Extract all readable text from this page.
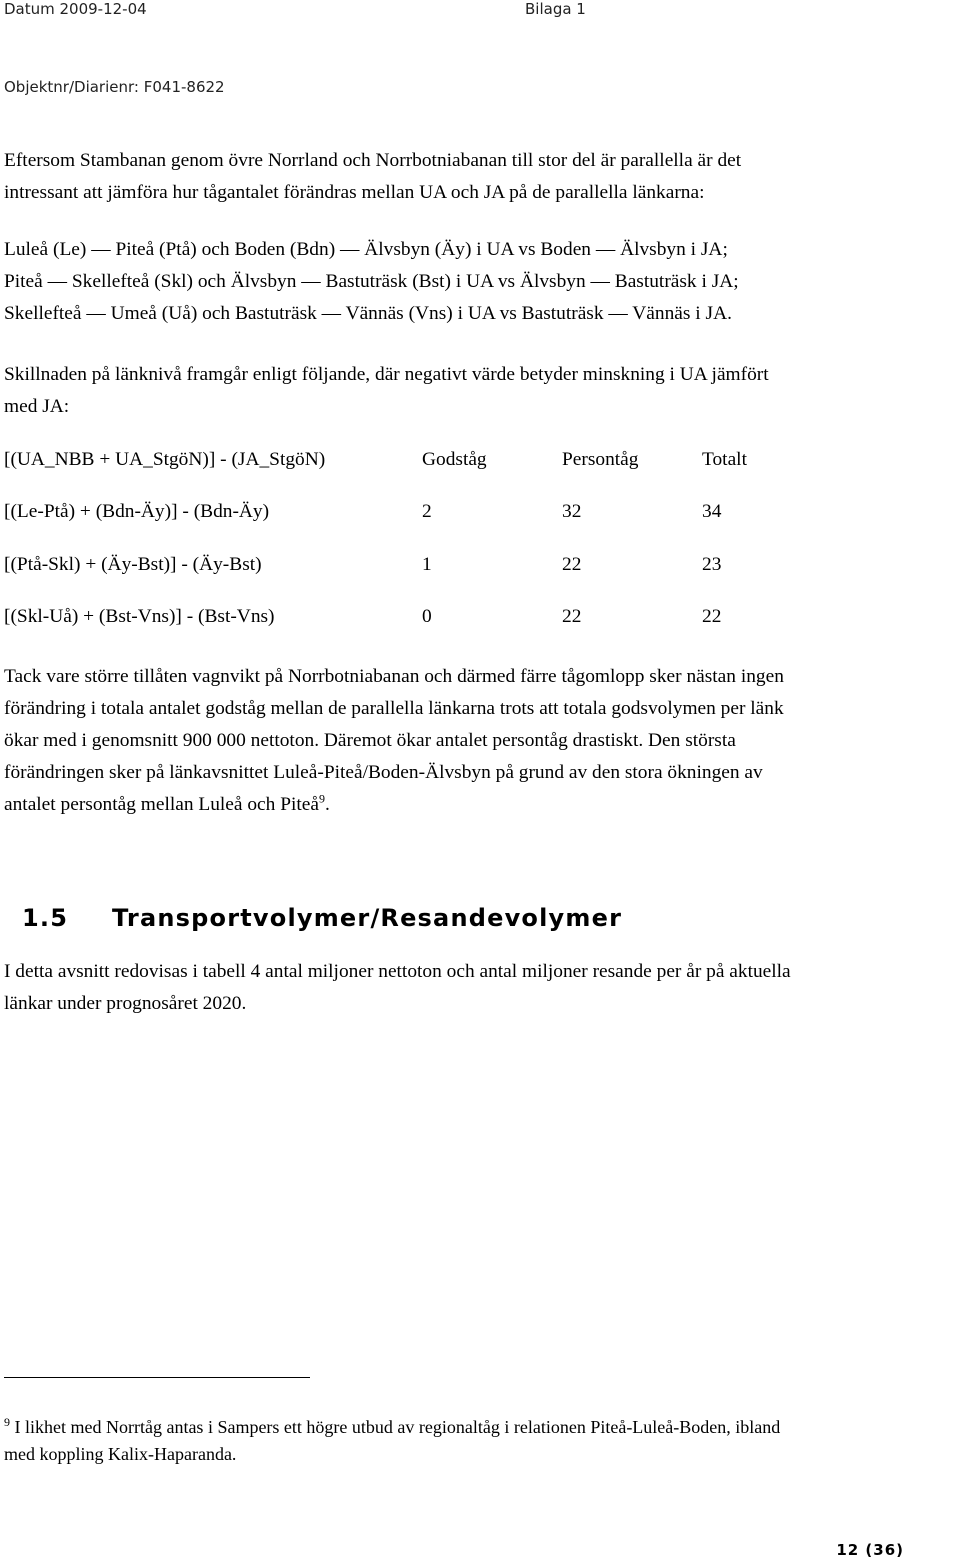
Datum 2009-12-04	Bilaga 1
Objektnr/Diarienr: F041-8622
Eftersom Stambanan genom övre Norrland och Norrbotniabanan till stor del är parallella är det
intressant att jämföra hur tågantalet förändras mellan UA och JA på de parallella länkarna:
Luleå (Le) — Piteå (Ptå) och Boden (Bdn) — Älvsbyn (Äy) i UA vs Boden — Älvsbyn i JA;
Piteå — Skellefteå (Skl) och Älvsbyn — Bastuträsk (Bst) i UA vs Älvsbyn — Bastuträsk i JA;
Skellefteå — Umeå (Uå) och Bastuträsk — Vännäs (Vns) i UA vs Bastuträsk — Vännäs i JA.
Skillnaden på länknivå framgår enligt följande, där negativt värde betyder minskning i UA jämfört
med JA:
[(UA_NBB + UA_StgöN)] - (JA_StgöN)	Godståg	Persontåg	Totalt
[(Le-Ptå) + (Bdn-Äy)] - (Bdn-Äy)	2	32	34
[(Ptå-Skl) + (Äy-Bst)] - (Äy-Bst)	1	22	23
[(Skl-Uå) + (Bst-Vns)] - (Bst-Vns)	0	22	22
Tack vare större tillåten vagnvikt på Norrbotniabanan och därmed färre tågomlopp sker nästan ingen
förändring i totala antalet godståg mellan de parallella länkarna trots att totala godsvolymen per länk
ökar med i genomsnitt 900 000 nettoton. Däremot ökar antalet persontåg drastiskt. Den största
förändringen sker på länkavsnittet Luleå-Piteå/Boden-Älvsbyn på grund av den stora ökningen av
antalet persontåg mellan Luleå och Piteå$^9$.
1.5 Transportvolymer/Resandevolymer
I detta avsnitt redovisas i tabell 4 antal miljoner nettoton och antal miljoner resande per år på aktuella
länkar under prognosåret 2020.
$^9$ I likhet med Norrtåg antas i Sampers ett högre utbud av regionaltåg i relationen Piteå-Luleå-Boden, ibland
med koppling Kalix-Haparanda.
12 (36)
